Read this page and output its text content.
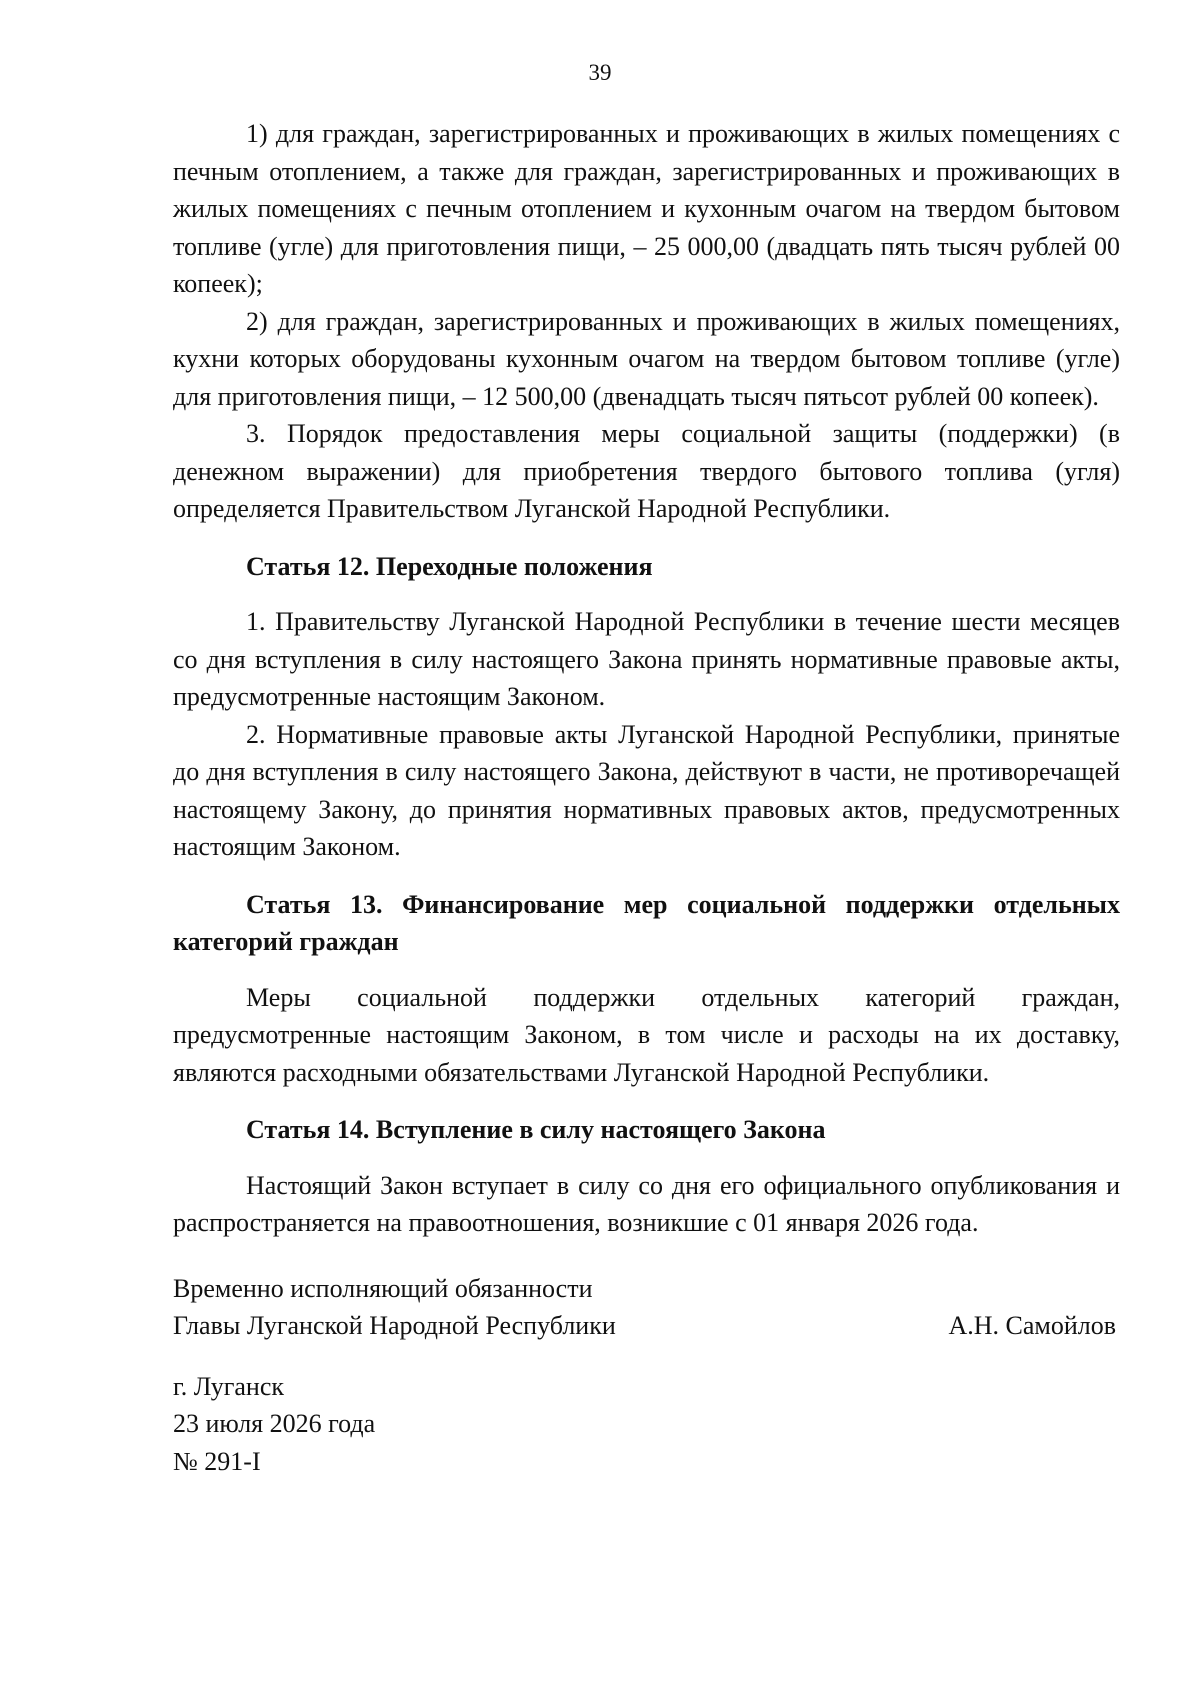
39

1) для граждан, зарегистрированных и проживающих в жилых помещениях с печным отоплением, а также для граждан, зарегистрированных и проживающих в жилых помещениях с печным отоплением и кухонным очагом на твердом бытовом топливе (угле) для приготовления пищи, – 25 000,00 (двадцать пять тысяч рублей 00 копеек);

2) для граждан, зарегистрированных и проживающих в жилых помещениях, кухни которых оборудованы кухонным очагом на твердом бытовом топливе (угле) для приготовления пищи, – 12 500,00 (двенадцать тысяч пятьсот рублей 00 копеек).

3. Порядок предоставления меры социальной защиты (поддержки) (в денежном выражении) для приобретения твердого бытового топлива (угля) определяется Правительством Луганской Народной Республики.

Статья 12. Переходные положения

1. Правительству Луганской Народной Республики в течение шести месяцев со дня вступления в силу настоящего Закона принять нормативные правовые акты, предусмотренные настоящим Законом.

2. Нормативные правовые акты Луганской Народной Республики, принятые до дня вступления в силу настоящего Закона, действуют в части, не противоречащей настоящему Закону, до принятия нормативных правовых актов, предусмотренных настоящим Законом.

Статья 13. Финансирование мер социальной поддержки отдельных категорий граждан

Меры социальной поддержки отдельных категорий граждан, предусмотренные настоящим Законом, в том числе и расходы на их доставку, являются расходными обязательствами Луганской Народной Республики.

Статья 14. Вступление в силу настоящего Закона

Настоящий Закон вступает в силу со дня его официального опубликования и распространяется на правоотношения, возникшие с 01 января 2026 года.

Временно исполняющий обязанности
Главы Луганской Народной Республики	А.Н. Самойлов
г. Луганск
23 июля 2026 года
№ 291-I
